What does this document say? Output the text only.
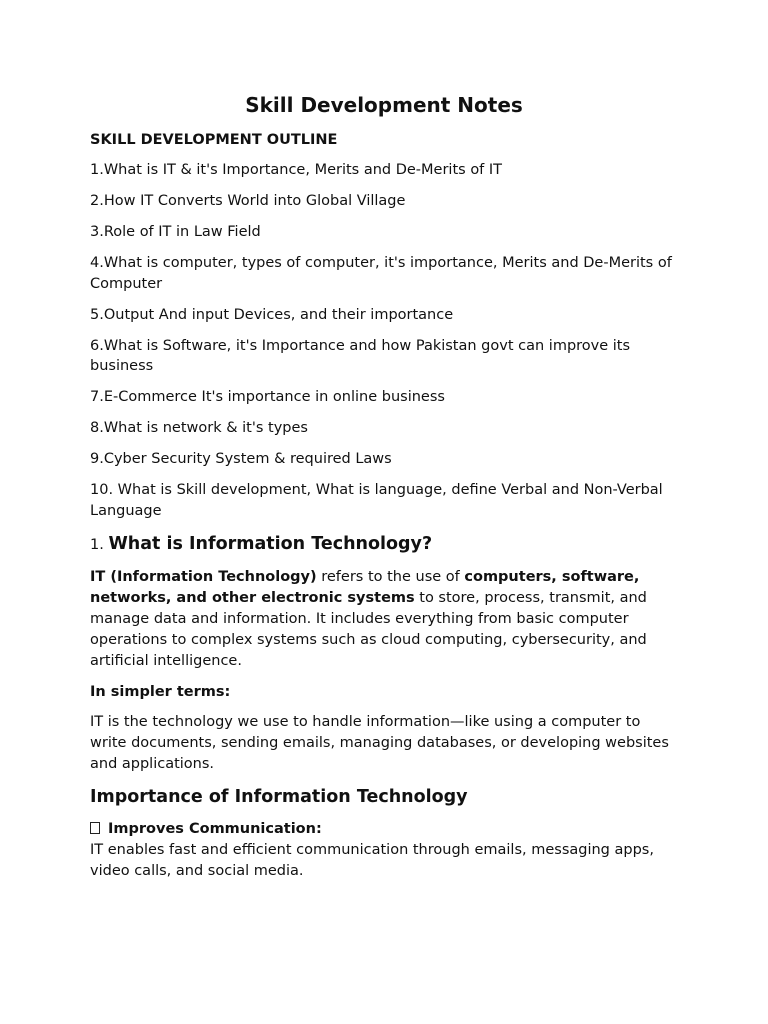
Skill Development Notes
SKILL DEVELOPMENT OUTLINE
1.What is IT & it's Importance, Merits and De-Merits of IT
2.How IT Converts World into Global Village
3.Role of IT in Law Field
4.What is computer, types of computer, it's importance, Merits and De-Merits of Computer
5.Output And input Devices, and their importance
6.What is Software, it's Importance and how Pakistan govt can improve its business
7.E-Commerce It's importance in online business
8.What is network & it's types
9.Cyber Security System & required Laws
10. What is Skill development, What is language, define Verbal and Non-Verbal Language
1. What is Information Technology?

IT (Information Technology) refers to the use of computers, software, networks, and other electronic systems to store, process, transmit, and manage data and information. It includes everything from basic computer operations to complex systems such as cloud computing, cybersecurity, and artificial intelligence.

In simpler terms:

IT is the technology we use to handle information—like using a computer to write documents, sending emails, managing databases, or developing websites and applications.

Importance of Information Technology
Improves Communication:

IT enables fast and efficient communication through emails, messaging apps, video calls, and social media.
